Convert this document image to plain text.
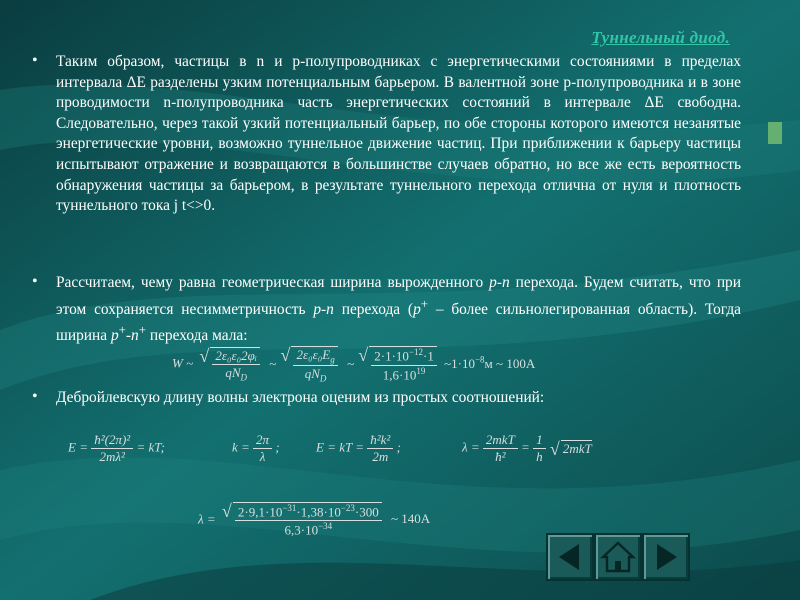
Туннельный диод.
• Таким образом, частицы в n и p-полупроводниках с энергетическими состояниями в пределах интервала ΔE разделены узким потенциальным барьером. В валентной зоне p-полупроводника и в зоне проводимости n-полупроводника часть энергетических состояний в интервале ΔE свободна. Следовательно, через такой узкий потенциальный барьер, по обе стороны которого имеются незанятые энергетические уровни, возможно туннельное движение частиц. При приближении к барьеру частицы испытывают отражение и возвращаются в большинстве случаев обратно, но все же есть вероятность обнаружения частицы за барьером, в результате туннельного перехода отлична от нуля и плотность туннельного тока j t<>0.
• Рассчитаем, чему равна геометрическая ширина вырожденного p-n перехода. Будем считать, что при этом сохраняется несимметричность p-n перехода (p+ – более сильнолегированная область). Тогда ширина p+-n+ перехода мала:
W ~ √ $\frac{\text{2ε₀ε₀2φᵢ}}{qN_D}$ ~ √ $\frac{2\varepsilon_0\varepsilon_0E_g}{qN_D}$ ~ √ $\frac{2\cdot 1\cdot 10^{-12}\cdot 1}{1,6\cdot 10^{19}}$ $\sim 1\cdot 10^{-8}м$ ~ 100А
• Дебройлевскую длину волны электрона оценим из простых соотношений:
$E = \frac{\text{ħ²(2π)²}}{\text{2mλ²}}$ = kT;	$k = \frac{2\pi}{\lambda}$ ;	E = kT = $\frac{\text{ħ²k²}}{2m}$ ;	$\lambda = \frac{\text{2mkT}}{\text{ħ²}} = \frac{1}{h}$ √ 2mkT
λ = √ $\frac{2\cdot 9,1\cdot 10^{-31}\cdot 1,38\cdot 10^{-23}\cdot 300}{6,3\cdot 10^{-34}}$ ~ 140А
